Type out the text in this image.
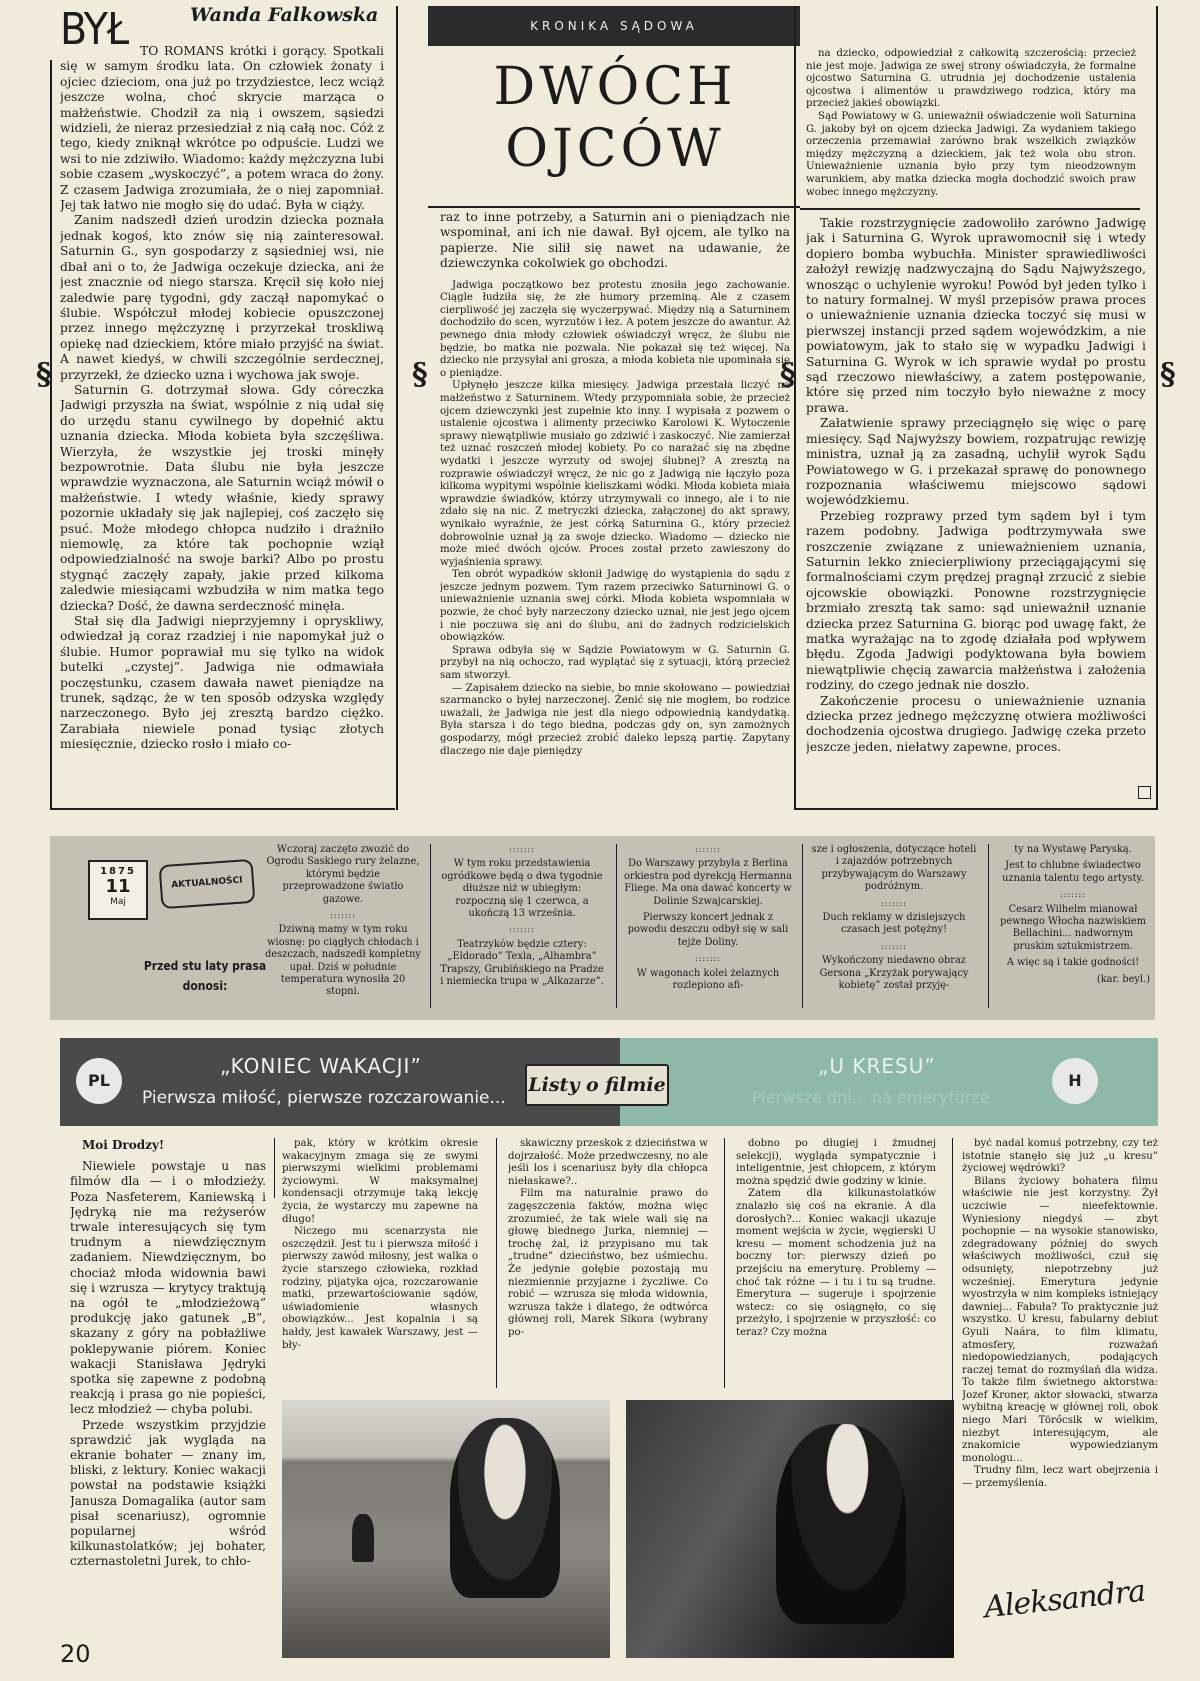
BYŁ	Wanda Falkowska	KRONIKA SĄDOWA
DWÓCH
OJCÓW

TO ROMANS krótki i gorący. Spotkali się w samym środku lata. On człowiek żonaty i ojciec dzieciom, ona już po trzydziestce, lecz wciąż jeszcze wolna, choć skrycie marząca o małżeństwie. Chodził za nią i owszem, sąsiedzi widzieli, że nieraz przesiedział z nią całą noc. Cóż z tego, kiedy zniknął wkrótce po odpuście. Ludzi we wsi to nie zdziwiło. Wiadomo: każdy mężczyzna lubi sobie czasem „wyskoczyć”, a potem wraca do żony. Z czasem Jadwiga zrozumiała, że o niej zapomniał. Jej tak łatwo nie mogło się do udać. Była w ciąży.

Zanim nadszedł dzień urodzin dziecka poznała jednak kogoś, kto znów się nią zainteresował. Saturnin G., syn gospodarzy z sąsiedniej wsi, nie dbał ani o to, że Jadwiga oczekuje dziecka, ani że jest znacznie od niego starsza. Kręcił się koło niej zaledwie parę tygodni, gdy zaczął napomykać o ślubie. Współczuł młodej kobiecie opuszczonej przez innego mężczyznę i przyrzekał troskliwą opiekę nad dzieckiem, które miało przyjść na świat. A nawet kiedyś, w chwili szczególnie serdecznej, przyrzekł, że dziecko uzna i wychowa jak swoje.

Saturnin G. dotrzymał słowa. Gdy córeczka Jadwigi przyszła na świat, wspólnie z nią udał się do urzędu stanu cywilnego by dopełnić aktu uznania dziecka. Młoda kobieta była szczęśliwa. Wierzyła, że wszystkie jej troski minęły bezpowrotnie. Data ślubu nie była jeszcze wprawdzie wyznaczona, ale Saturnin wciąż mówił o małżeństwie. I wtedy właśnie, kiedy sprawy pozornie układały się jak najlepiej, coś zaczęło się psuć. Może młodego chłopca nudziło i drażniło niemowlę, za które tak pochopnie wziął odpowiedzialność na swoje barki? Albo po prostu stygnąć zaczęły zapały, jakie przed kilkoma zaledwie miesiącami wzbudziła w nim matka tego dziecka? Dość, że dawna serdeczność minęła.

Stał się dla Jadwigi nieprzyjemny i opryskliwy, odwiedzał ją coraz rzadziej i nie napomykał już o ślubie. Humor poprawiał mu się tylko na widok butelki „czystej”. Jadwiga nie odmawiała poczęstunku, czasem dawała nawet pieniądze na trunek, sądząc, że w ten sposób odzyska względy narzeczonego. Było jej zresztą bardzo ciężko. Zarabiała niewiele ponad tysiąc złotych miesięcznie, dziecko rosło i miało co-

raz to inne potrzeby, a Saturnin ani o pieniądzach nie wspominał, ani ich nie dawał. Był ojcem, ale tylko na papierze. Nie silił się nawet na udawanie, że dziewczynka cokolwiek go obchodzi.

Jadwiga początkowo bez protestu znosiła jego zachowanie. Ciągle łudziła się, że złe humory przeminą. Ale z czasem cierpliwość jej zaczęła się wyczerpywać. Między nią a Saturninem dochodziło do scen, wyrzutów i łez. A potem jeszcze do awantur. Aż pewnego dnia młody człowiek oświadczył wręcz, że ślubu nie będzie, bo matka nie pozwala. Nie pokazał się też więcej. Na dziecko nie przysyłał ani grosza, a młoda kobieta nie upominała się o pieniądze.

Upłynęło jeszcze kilka miesięcy. Jadwiga przestała liczyć na małżeństwo z Saturninem. Wtedy przypomniała sobie, że przecież ojcem dziewczynki jest zupełnie kto inny. I wypisała z pozwem o ustalenie ojcostwa i alimenty przeciwko Karolowi K. Wytoczenie sprawy niewątpliwie musiało go zdziwić i zaskoczyć. Nie zamierzał też uznać roszczeń młodej kobiety. Po co narażać się na zbędne wydatki i jeszcze wyrzuty od swojej ślubnej? A zresztą na rozprawie oświadczył wręcz, że nic go z Jadwigą nie łączyło poza kilkoma wypitymi wspólnie kieliszkami wódki. Młoda kobieta miała wprawdzie świadków, którzy utrzymywali co innego, ale i to nie zdało się na nic. Z metryczki dziecka, załączonej do akt sprawy, wynikało wyraźnie, że jest córką Saturnina G., który przecież dobrowolnie uznał ją za swoje dziecko. Wiadomo — dziecko nie może mieć dwóch ojców. Proces został przeto zawieszony do wyjaśnienia sprawy.

Ten obrót wypadków skłonił Jadwigę do wystąpienia do sądu z jeszcze jednym pozwem. Tym razem przeciwko Saturninowi G. o unieważnienie uznania swej córki. Młoda kobieta wspomniała w pozwie, że choć były narzeczony dziecko uznał, nie jest jego ojcem i nie poczuwa się ani do ślubu, ani do żadnych rodzicielskich obowiązków.

Sprawa odbyła się w Sądzie Powiatowym w G. Saturnin G. przybył na nią ochoczo, rad wyplątać się z sytuacji, którą przecież sam stworzył.

— Zapisałem dziecko na siebie, bo mnie skołowano — powiedział szarmancko o byłej narzeczonej. Żenić się nie mogłem, bo rodzice uważali, że Jadwiga nie jest dla niego odpowiednią kandydatką. Była starsza i do tego biedna, podczas gdy on, syn zamożnych gospodarzy, mógł przecież zrobić daleko lepszą partię. Zapytany dlaczego nie daje pieniędzy

na dziecko, odpowiedział z całkowitą szczerością: przecież nie jest moje. Jadwiga ze swej strony oświadczyła, że formalne ojcostwo Saturnina G. utrudnia jej dochodzenie ustalenia ojcostwa i alimentów u prawdziwego rodzica, który ma przecież jakieś obowiązki.

Sąd Powiatowy w G. unieważnił oświadczenie woli Saturnina G. jakoby był on ojcem dziecka Jadwigi. Za wydaniem takiego orzeczenia przemawiał zarówno brak wszelkich związków między mężczyzną a dzieckiem, jak też wola obu stron. Unieważnienie uznania było przy tym nieodzownym warunkiem, aby matka dziecka mogła dochodzić swoich praw wobec innego mężczyzny.

Takie rozstrzygnięcie zadowoliło zarówno Jadwigę jak i Saturnina G. Wyrok uprawomocnił się i wtedy dopiero bomba wybuchła. Minister sprawiedliwości założył rewizję nadzwyczajną do Sądu Najwyższego, wnosząc o uchylenie wyroku! Powód był jeden tylko i to natury formalnej. W myśl przepisów prawa proces o unieważnienie uznania dziecka toczyć się musi w pierwszej instancji przed sądem wojewódzkim, a nie powiatowym, jak to stało się w wypadku Jadwigi i Saturnina G. Wyrok w ich sprawie wydał po prostu sąd rzeczowo niewłaściwy, a zatem postępowanie, które się przed nim toczyło było nieważne z mocy prawa.

Załatwienie sprawy przeciągnęło się więc o parę miesięcy. Sąd Najwyższy bowiem, rozpatrując rewizję ministra, uznał ją za zasadną, uchylił wyrok Sądu Powiatowego w G. i przekazał sprawę do ponownego rozpoznania właściwemu miejscowo sądowi wojewódzkiemu.

Przebieg rozprawy przed tym sądem był i tym razem podobny. Jadwiga podtrzymywała swe roszczenie związane z unieważnieniem uznania, Saturnin lekko zniecierpliwiony przeciągającymi się formalnościami czym prędzej pragnął zrzucić z siebie ojcowskie obowiązki. Ponowne rozstrzygnięcie brzmiało zresztą tak samo: sąd unieważnił uznanie dziecka przez Saturnina G. biorąc pod uwagę fakt, że matka wyrażając na to zgodę działała pod wpływem błędu. Zgoda Jadwigi podyktowana była bowiem niewątpliwie chęcią zawarcia małżeństwa i założenia rodziny, do czego jednak nie doszło.

Zakończenie procesu o unieważnienie uznania dziecka przez jednego mężczyznę otwiera możliwości dochodzenia ojcostwa drugiego. Jadwigę czeka przeto jeszcze jeden, niełatwy zapewne, proces.

§	§	§	§
1875
11
Maj
AKTUALNOŚCI
Przed stu laty prasa donosi:

Wczoraj zaczęto zwozić do Ogrodu Saskiego rury żelazne, którymi będzie przeprowadzone światło gazowe.

:::::::

Dziwną mamy w tym roku wiosnę: po ciągłych chłodach i deszczach, nadszedł kompletny upał. Dziś w południe temperatura wynosiła 20 stopni.

:::::::

W tym roku przedstawienia ogródkowe będą o dwa tygodnie dłuższe niż w ubiegłym: rozpoczną się 1 czerwca, a ukończą 13 września.

:::::::

Teatrzyków będzie cztery: „Eldorado” Texla, „Alhambra” Trapszy, Grubińskiego na Pradze i niemiecka trupa w „Alkazarze”.

:::::::

Do Warszawy przybyła z Berlina orkiestra pod dyrekcją Hermanna Fliege. Ma ona dawać koncerty w Dolinie Szwajcarskiej.

Pierwszy koncert jednak z powodu deszczu odbył się w sali tejże Doliny.

:::::::

W wagonach kolei żelaznych rozlepiono afi-

sze i ogłoszenia, dotyczące hoteli i zajazdów potrzebnych przybywającym do Warszawy podróżnym.

:::::::

Duch reklamy w dzisiejszych czasach jest potężny!

:::::::

Wykończony niedawno obraz Gersona „Krzyżak porywający kobietę” został przyję-

ty na Wystawę Paryską.

Jest to chlubne świadectwo uznania talentu tego artysty.

:::::::

Cesarz Wilhelm mianował pewnego Włocha nazwiskiem Bellachini... nadwornym pruskim sztukmistrzem.

A więc są i takie godności!

(kar. beyl.)

PL
„KONIEC WAKACJI”
Pierwsza miłość, pierwsze rozczarowanie...
„U KRESU”
Pierwsze dni... na emeryturze
H
Listy o filmie

Moi Drodzy!

Niewiele powstaje u nas filmów dla — i o młodzieży. Poza Nasfeterem, Kaniewską i Jędryką nie ma reżyserów trwale interesujących się tym trudnym a niewdzięcznym zadaniem. Niewdzięcznym, bo chociaż młoda widownia bawi się i wzrusza — krytycy traktują na ogół te „młodzieżową” produkcję jako gatunek „B”, skazany z góry na pobłażliwe poklepywanie piórem. Koniec wakacji Stanisława Jędryki spotka się zapewne z podobną reakcją i prasa go nie popieści, lecz młodzież — chyba polubi.

Przede wszystkim przyjdzie sprawdzić jak wygląda na ekranie bohater — znany im, bliski, z lektury. Koniec wakacji powstał na podstawie książki Janusza Domagalika (autor sam pisał scenariusz), ogromnie popularnej wśród kilkunastolatków; jej bohater, czternastoletni Jurek, to chło-

pak, który w krótkim okresie wakacyjnym zmaga się ze swymi pierwszymi wielkimi problemami życiowymi. W maksymalnej kondensacji otrzymuje taką lekcję życia, że wystarczy mu zapewne na długo!

Niczego mu scenarzysta nie oszczędził. Jest tu i pierwsza miłość i pierwszy zawód miłosny, jest walka o życie starszego człowieka, rozkład rodziny, pijatyka ojca, rozczarowanie matki, przewartościowanie sądów, uświadomienie własnych obowiązków... Jest kopalnia i są hałdy, jest kawałek Warszawy, jest — bły-

skawiczny przeskok z dzieciństwa w dojrzałość. Może przedwczesny, no ale jeśli los i scenariusz były dla chłopca niełaskawe?..

Film ma naturalnie prawo do zagęszczenia faktów, można więc zrozumieć, że tak wiele wali się na głowę biednego Jurka, niemniej — trochę żal, iż przypisano mu tak „trudne” dzieciństwo, bez uśmiechu. Że jedynie gołębie pozostają mu niezmiennie przyjazne i życzliwe. Co robić — wzrusza się młoda widownia, wzrusza także i dlatego, że odtwórca głównej roli, Marek Sikora (wybrany po-

dobno po długiej i żmudnej selekcji), wygląda sympatycznie i inteligentnie, jest chłopcem, z którym można spędzić dwie godziny w kinie.

Zatem dla kilkunastolatków znalazło się coś na ekranie. A dla dorosłych?... Koniec wakacji ukazuje moment wejścia w życie, węgierski U kresu — moment schodzenia już na boczny tor: pierwszy dzień po przejściu na emeryturę. Problemy — choć tak różne — i tu i tu są trudne. Emerytura — sugeruje i spojrzenie wstecz: co się osiągnęło, co się przeżyło, i spojrzenie w przyszłość: co teraz? Czy można

być nadal komuś potrzebny, czy też istotnie stanęło się już „u kresu” życiowej wędrówki?

Bilans życiowy bohatera filmu właściwie nie jest korzystny. Żył uczciwie — nieefektownie. Wyniesiony niegdyś — zbyt pochopnie — na wysokie stanowisko, zdegradowany później do swych właściwych możliwości, czuł się odsunięty, niepotrzebny już wcześniej. Emerytura jedynie wyostrzyła w nim kompleks istniejący dawniej... Fabuła? To praktycznie już wszystko. U kresu, fabularny debiut Gyuli Naára, to film klimatu, atmosfery, rozważań niedopowiedzianych, podających raczej temat do rozmyślań dla widza. To także film świetnego aktorstwa: Jozef Kroner, aktor słowacki, stwarza wybitną kreację w głównej roli, obok niego Mari Törőcsik w wielkim, niezbyt interesującym, ale znakomicie wypowiedzianym monologu...

Trudny film, lecz wart obejrzenia i — przemyślenia.

Aleksandra
20
